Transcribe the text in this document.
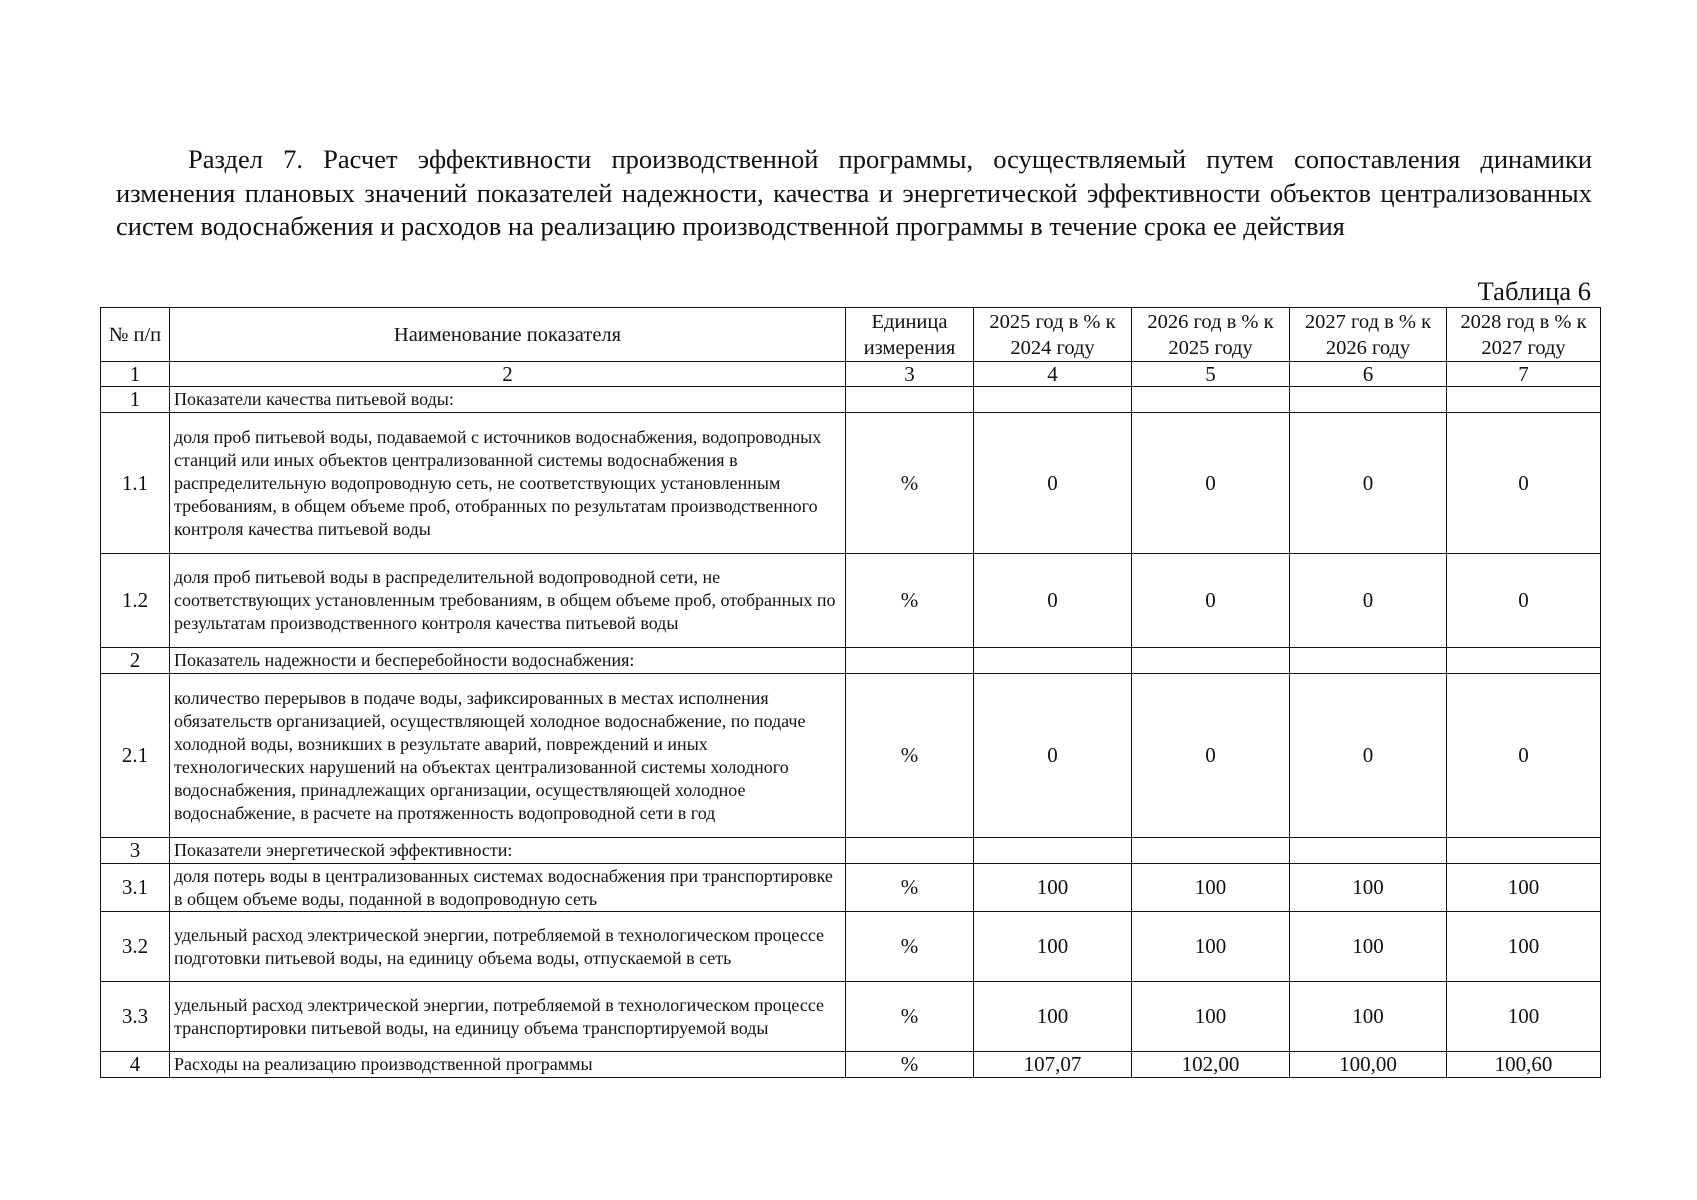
Раздел 7. Расчет эффективности производственной программы, осуществляемый путем сопоставления динамики изменения плановых значений показателей надежности, качества и энергетической эффективности объектов централизованных систем водоснабжения и расходов на реализацию производственной программы в течение срока ее действия

Таблица 6

№ п/п	Наименование показателя	Единица измерения	2025 год в % к 2024 году	2026 год в % к 2025 году	2027 год в % к 2026 году	2028 год в % к 2027 году
1	2	3	4	5	6	7
1	Показатели качества питьевой воды:					
1.1	доля проб питьевой воды, подаваемой с источников водоснабжения, водопроводных станций или иных объектов централизованной системы водоснабжения в распределительную водопроводную сеть, не соответствующих установленным требованиям, в общем объеме проб, отобранных по результатам производственного контроля качества питьевой воды	%	0	0	0	0
1.2	доля проб питьевой воды в распределительной водопроводной сети, не соответствующих установленным требованиям, в общем объеме проб, отобранных по результатам производственного контроля качества питьевой воды	%	0	0	0	0
2	Показатель надежности и бесперебойности водоснабжения:					
2.1	количество перерывов в подаче воды, зафиксированных в местах исполнения обязательств организацией, осуществляющей холодное водоснабжение, по подаче холодной воды, возникших в результате аварий, повреждений и иных технологических нарушений на объектах централизованной системы холодного водоснабжения, принадлежащих организации, осуществляющей холодное водоснабжение, в расчете на протяженность водопроводной сети в год	%	0	0	0	0
3	Показатели энергетической эффективности:					
3.1	доля потерь воды в централизованных системах водоснабжения при транспортировке в общем объеме воды, поданной в водопроводную сеть	%	100	100	100	100
3.2	удельный расход электрической энергии, потребляемой в технологическом процессе подготовки питьевой воды, на единицу объема воды, отпускаемой в сеть	%	100	100	100	100
3.3	удельный расход электрической энергии, потребляемой в технологическом процессе транспортировки питьевой воды, на единицу объема транспортируемой воды	%	100	100	100	100
4	Расходы на реализацию производственной программы	%	107,07	102,00	100,00	100,60
